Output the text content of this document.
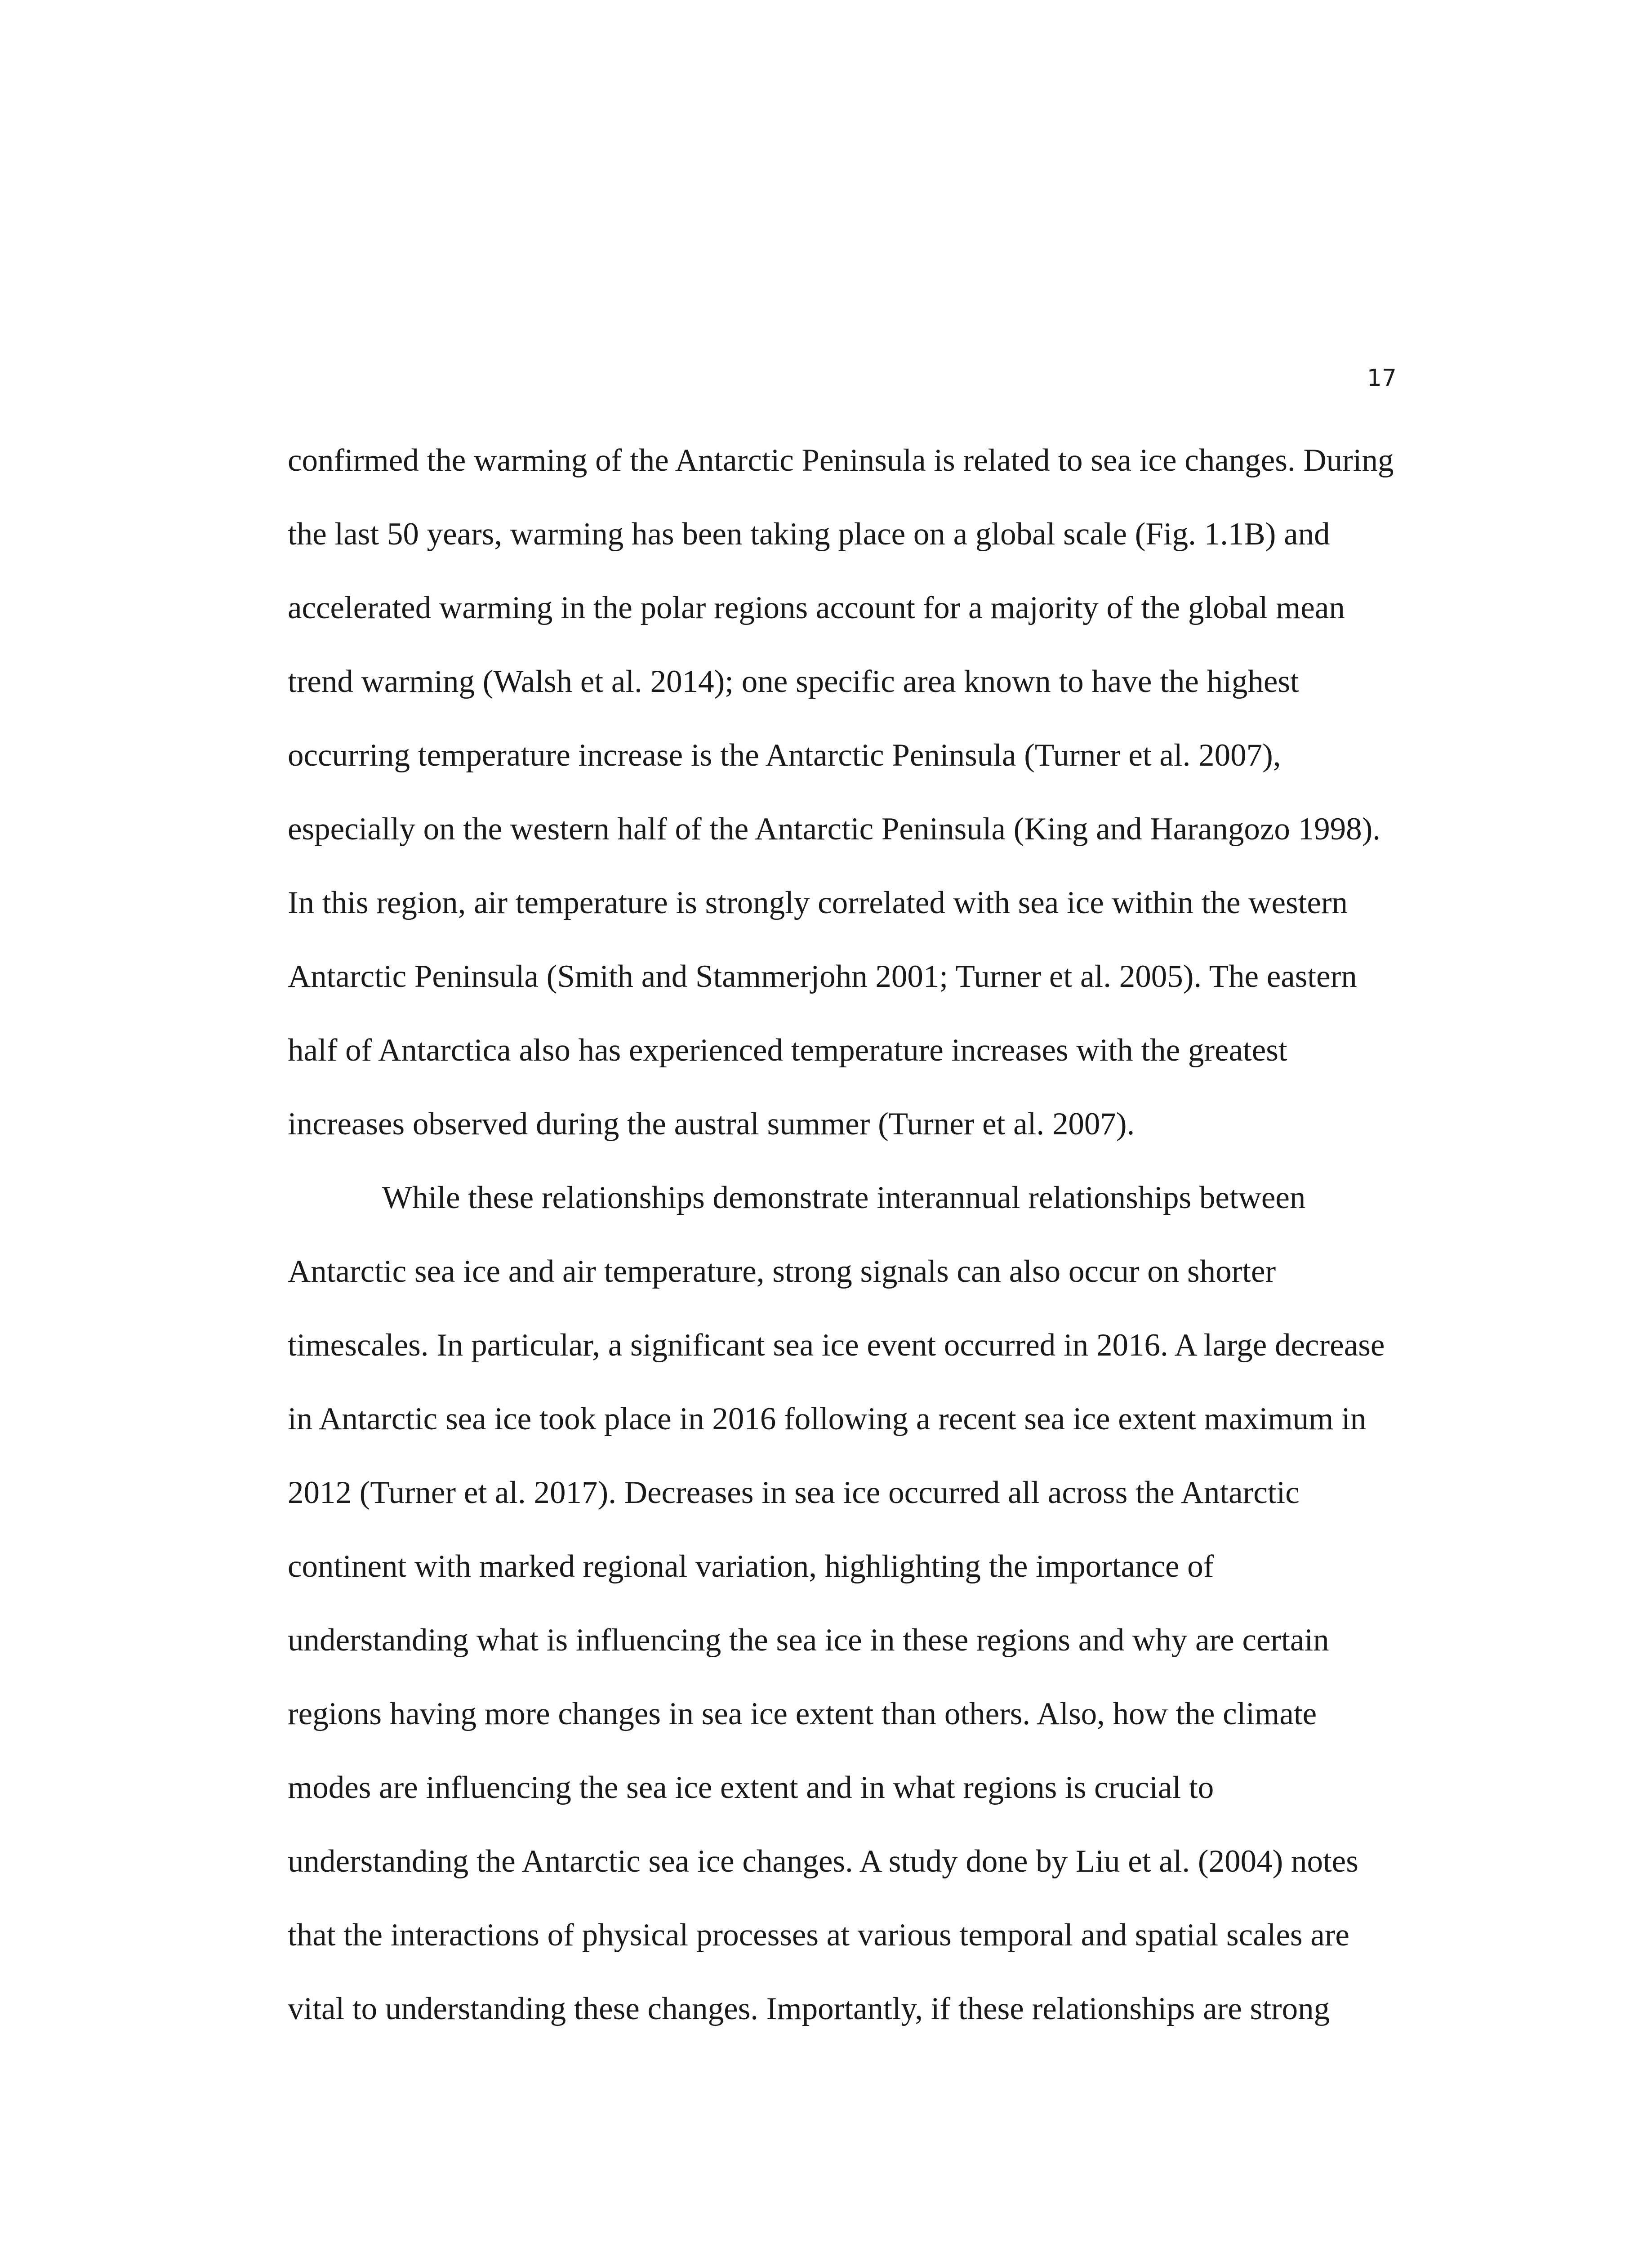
17
confirmed the warming of the Antarctic Peninsula is related to sea ice changes. During
the last 50 years, warming has been taking place on a global scale (Fig. 1.1B) and
accelerated warming in the polar regions account for a majority of the global mean
trend warming (Walsh et al. 2014); one specific area known to have the highest
occurring temperature increase is the Antarctic Peninsula (Turner et al. 2007),
especially on the western half of the Antarctic Peninsula (King and Harangozo 1998).
In this region, air temperature is strongly correlated with sea ice within the western
Antarctic Peninsula (Smith and Stammerjohn 2001; Turner et al. 2005). The eastern
half of Antarctica also has experienced temperature increases with the greatest
increases observed during the austral summer (Turner et al. 2007).
While these relationships demonstrate interannual relationships between
Antarctic sea ice and air temperature, strong signals can also occur on shorter
timescales. In particular, a significant sea ice event occurred in 2016. A large decrease
in Antarctic sea ice took place in 2016 following a recent sea ice extent maximum in
2012 (Turner et al. 2017). Decreases in sea ice occurred all across the Antarctic
continent with marked regional variation, highlighting the importance of
understanding what is influencing the sea ice in these regions and why are certain
regions having more changes in sea ice extent than others. Also, how the climate
modes are influencing the sea ice extent and in what regions is crucial to
understanding the Antarctic sea ice changes. A study done by Liu et al. (2004) notes
that the interactions of physical processes at various temporal and spatial scales are
vital to understanding these changes. Importantly, if these relationships are strong
